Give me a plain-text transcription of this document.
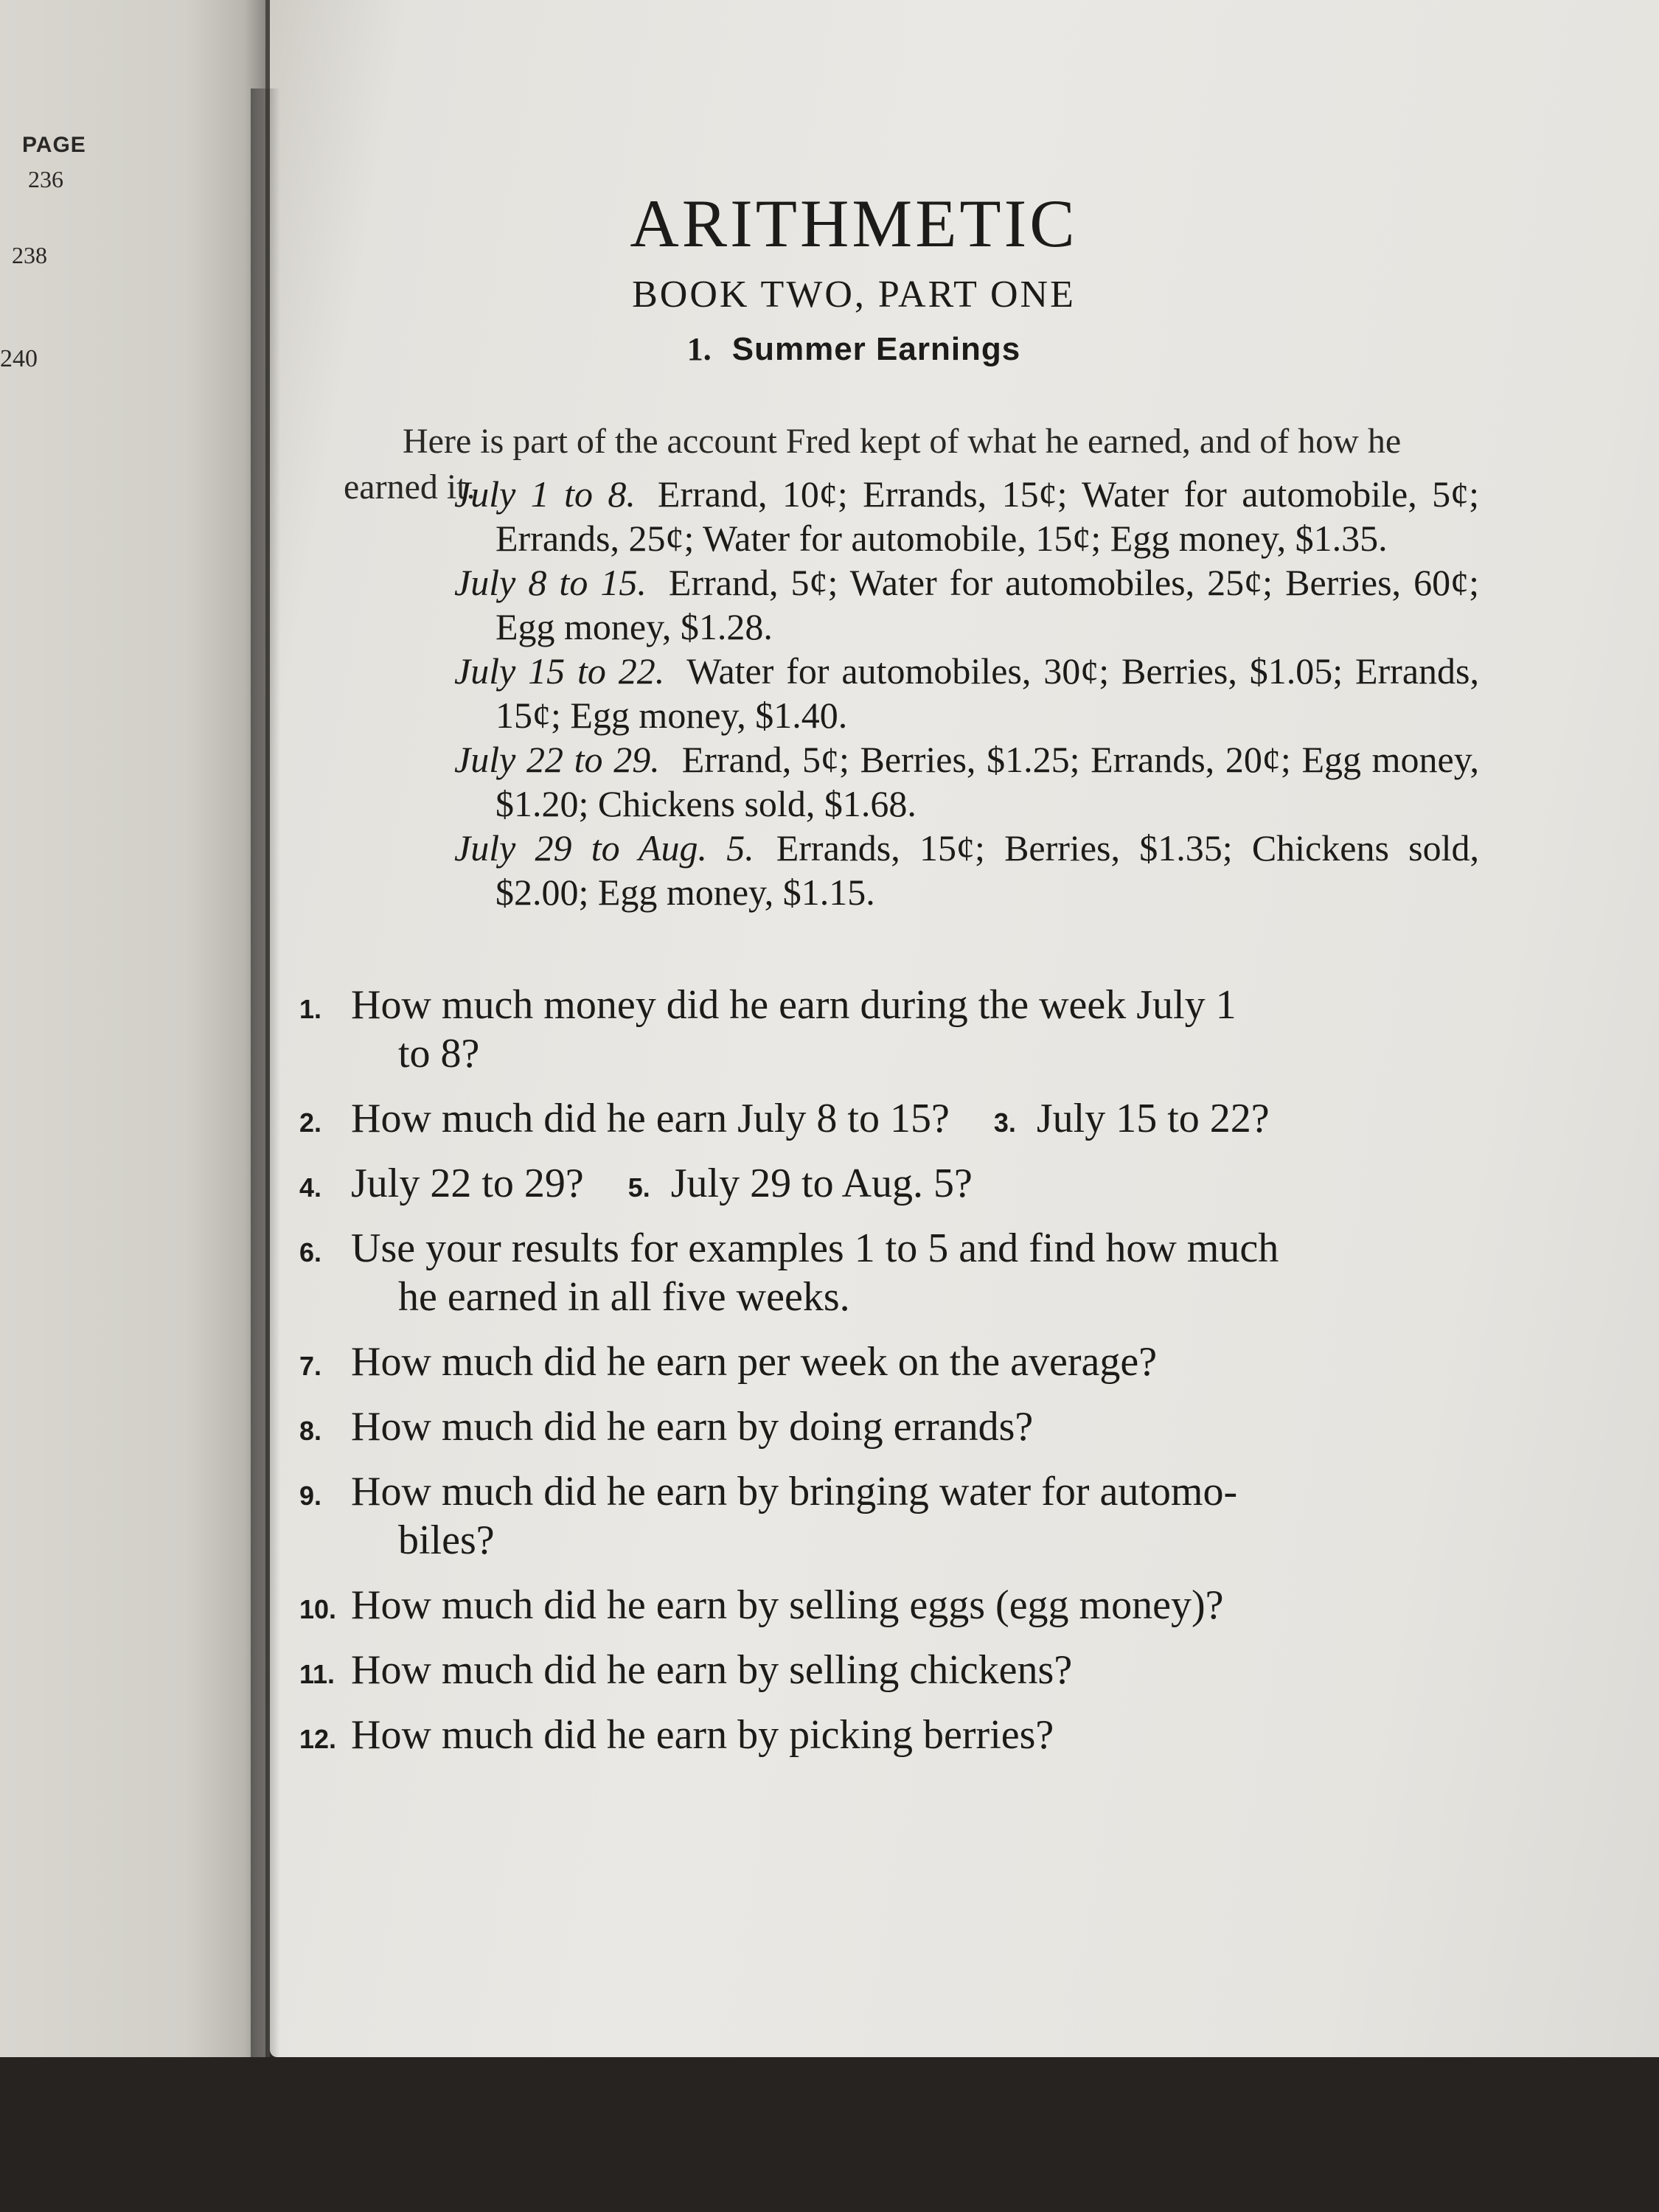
PAGE
236
238
240
ARITHMETIC
BOOK TWO, PART ONE
1. Summer Earnings

Here is part of the account Fred kept of what he earned, and of how he earned it.

July 1 to 8. Errand, 10¢; Errands, 15¢; Water for automobile, 5¢; Errands, 25¢; Water for automobile, 15¢; Egg money, $1.35.

July 8 to 15. Errand, 5¢; Water for automobiles, 25¢; Berries, 60¢; Egg money, $1.28.

July 15 to 22. Water for automobiles, 30¢; Berries, $1.05; Errands, 15¢; Egg money, $1.40.

July 22 to 29. Errand, 5¢; Berries, $1.25; Errands, 20¢; Egg money, $1.20; Chickens sold, $1.68.

July 29 to Aug. 5. Errands, 15¢; Berries, $1.35; Chickens sold, $2.00; Egg money, $1.15.

1. How much money did he earn during the week July 1
to 8?
2. How much did he earn July 8 to 15? 3. July 15 to 22?
4. July 22 to 29? 5. July 29 to Aug. 5?
6. Use your results for examples 1 to 5 and find how much
he earned in all five weeks.
7. How much did he earn per week on the average?
8. How much did he earn by doing errands?
9. How much did he earn by bringing water for automo-
biles?
10. How much did he earn by selling eggs (egg money)?
11. How much did he earn by selling chickens?
12. How much did he earn by picking berries?
